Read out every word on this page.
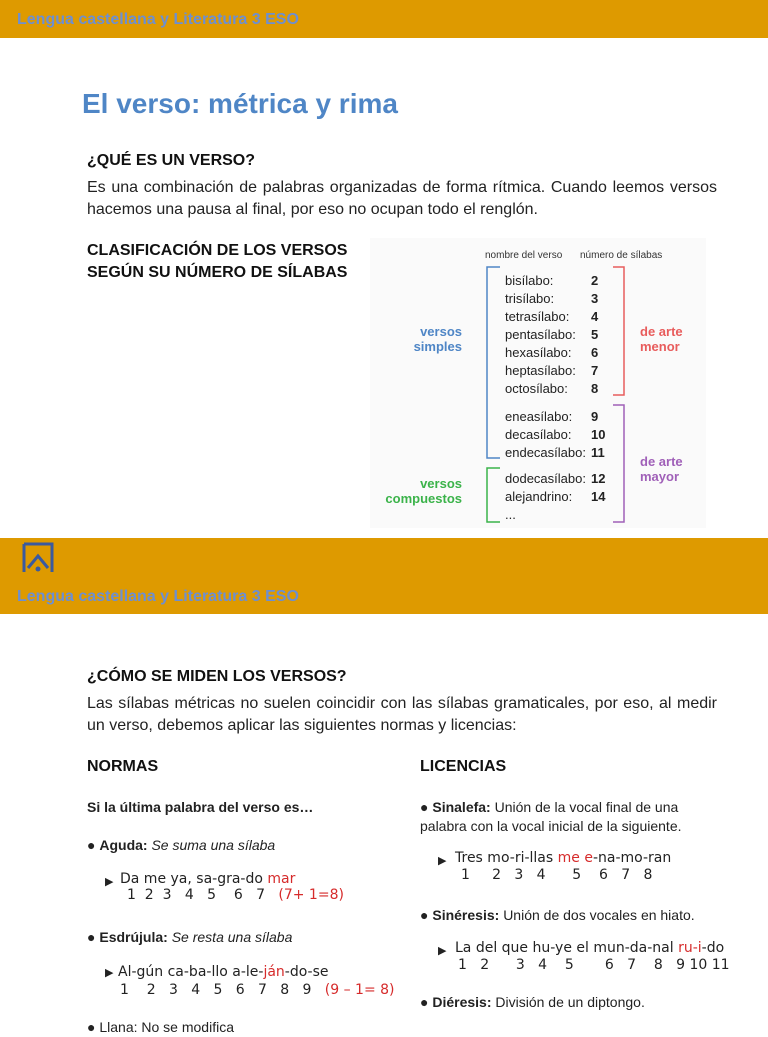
Lengua castellana y Literatura 3 ESO
El verso: métrica y rima
¿QUÉ ES UN VERSO?
Es una combinación de palabras organizadas de forma rítmica. Cuando leemos versos hacemos una pausa al final, por eso no ocupan todo el renglón.
CLASIFICACIÓN DE LOS VERSOS
SEGÚN SU NÚMERO DE SÍLABAS
nombre del verso número de sílabas
versos
simples
versos
compuestos
de arte
menor
de arte
mayor
bisílabo:	2
trisílabo:	3
tetrasílabo: 4
pentasílabo: 5
hexasílabo: 6
heptasílabo: 7
octosílabo: 8
eneasílabo: 9
decasílabo: 10
endecasílabo: 11
dodecasílabo: 12
alejandrino: 14
...
Lengua castellana y Literatura 3 ESO
¿CÓMO SE MIDEN LOS VERSOS?
Las sílabas métricas no suelen coincidir con las sílabas gramaticales, por eso, al medir un verso, debemos aplicar las siguientes normas y licencias:
NORMAS
Si la última palabra del verso es…
● Aguda: Se suma una sílaba
▶ Da me ya, sa-gra-do mar
1  2  3   4   5    6   7 (7+ 1=8)
● Esdrújula: Se resta una sílaba
▶ Al-gún ca-ba-llo a-le-ján-do-se
1    2   3   4   5   6   7   8   9 (9 – 1= 8)
● Llana: No se modifica
LICENCIAS
● Sinalefa: Unión de la vocal final de una palabra con la vocal inicial de la siguiente.
▶ Tres mo-ri-llas me e-na-mo-ran
1     2   3   4      5    6   7   8
● Sinéresis: Unión de dos vocales en hiato.
▶ La del que hu-ye el mun-da-nal ru-i-do
1   2      3   4    5       6   7    8   9 10 11
● Diéresis: División de un diptongo.
